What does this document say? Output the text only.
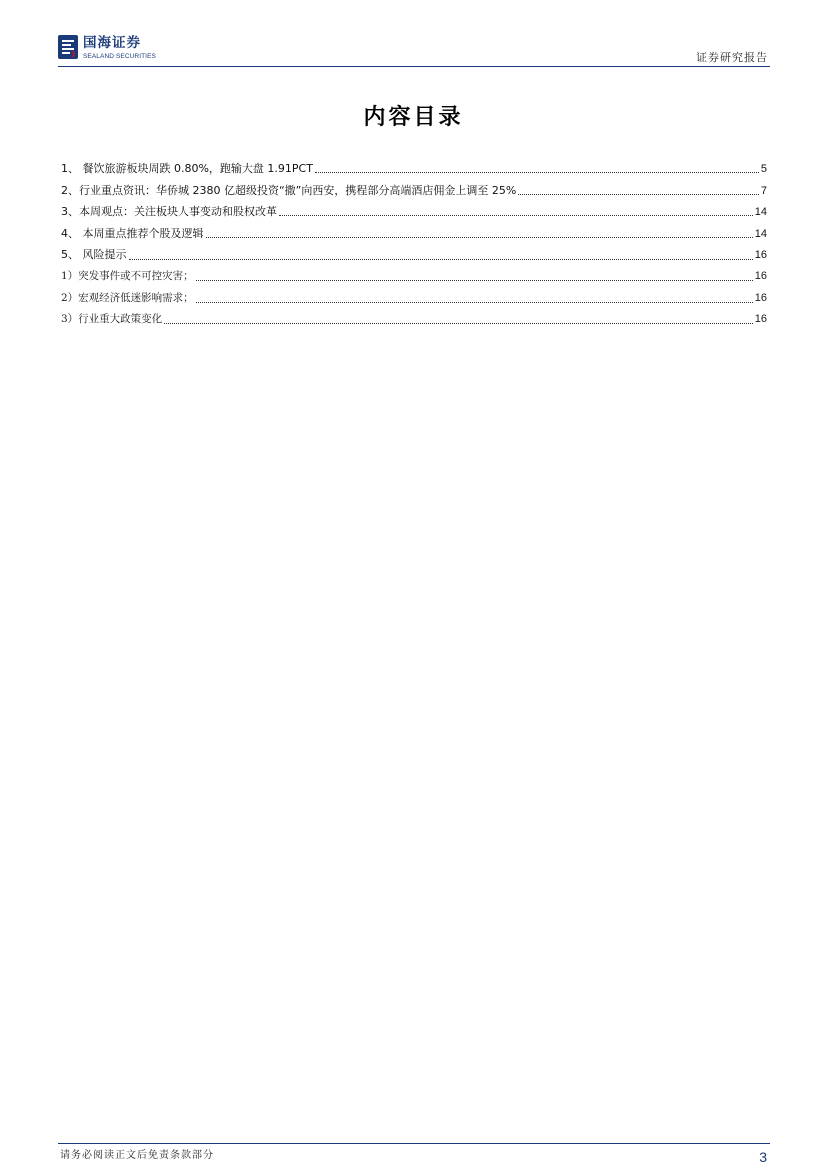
国海证券
SEALAND SECURITIES	证券研究报告
内容目录
1、 餐饮旅游板块周跌 0.80%，跑输大盘 1.91PCT	5
2、行业重点资讯：华侨城 2380 亿超级投资“撒”向西安，携程部分高端酒店佣金上调至 25%	7
3、本周观点：关注板块人事变动和股权改革	14
4、 本周重点推荐个股及逻辑	14
5、 风险提示	16
1）突发事件或不可控灾害；	16
2）宏观经济低迷影响需求；	16
3）行业重大政策变化	16
请务必阅读正文后免责条款部分	3
